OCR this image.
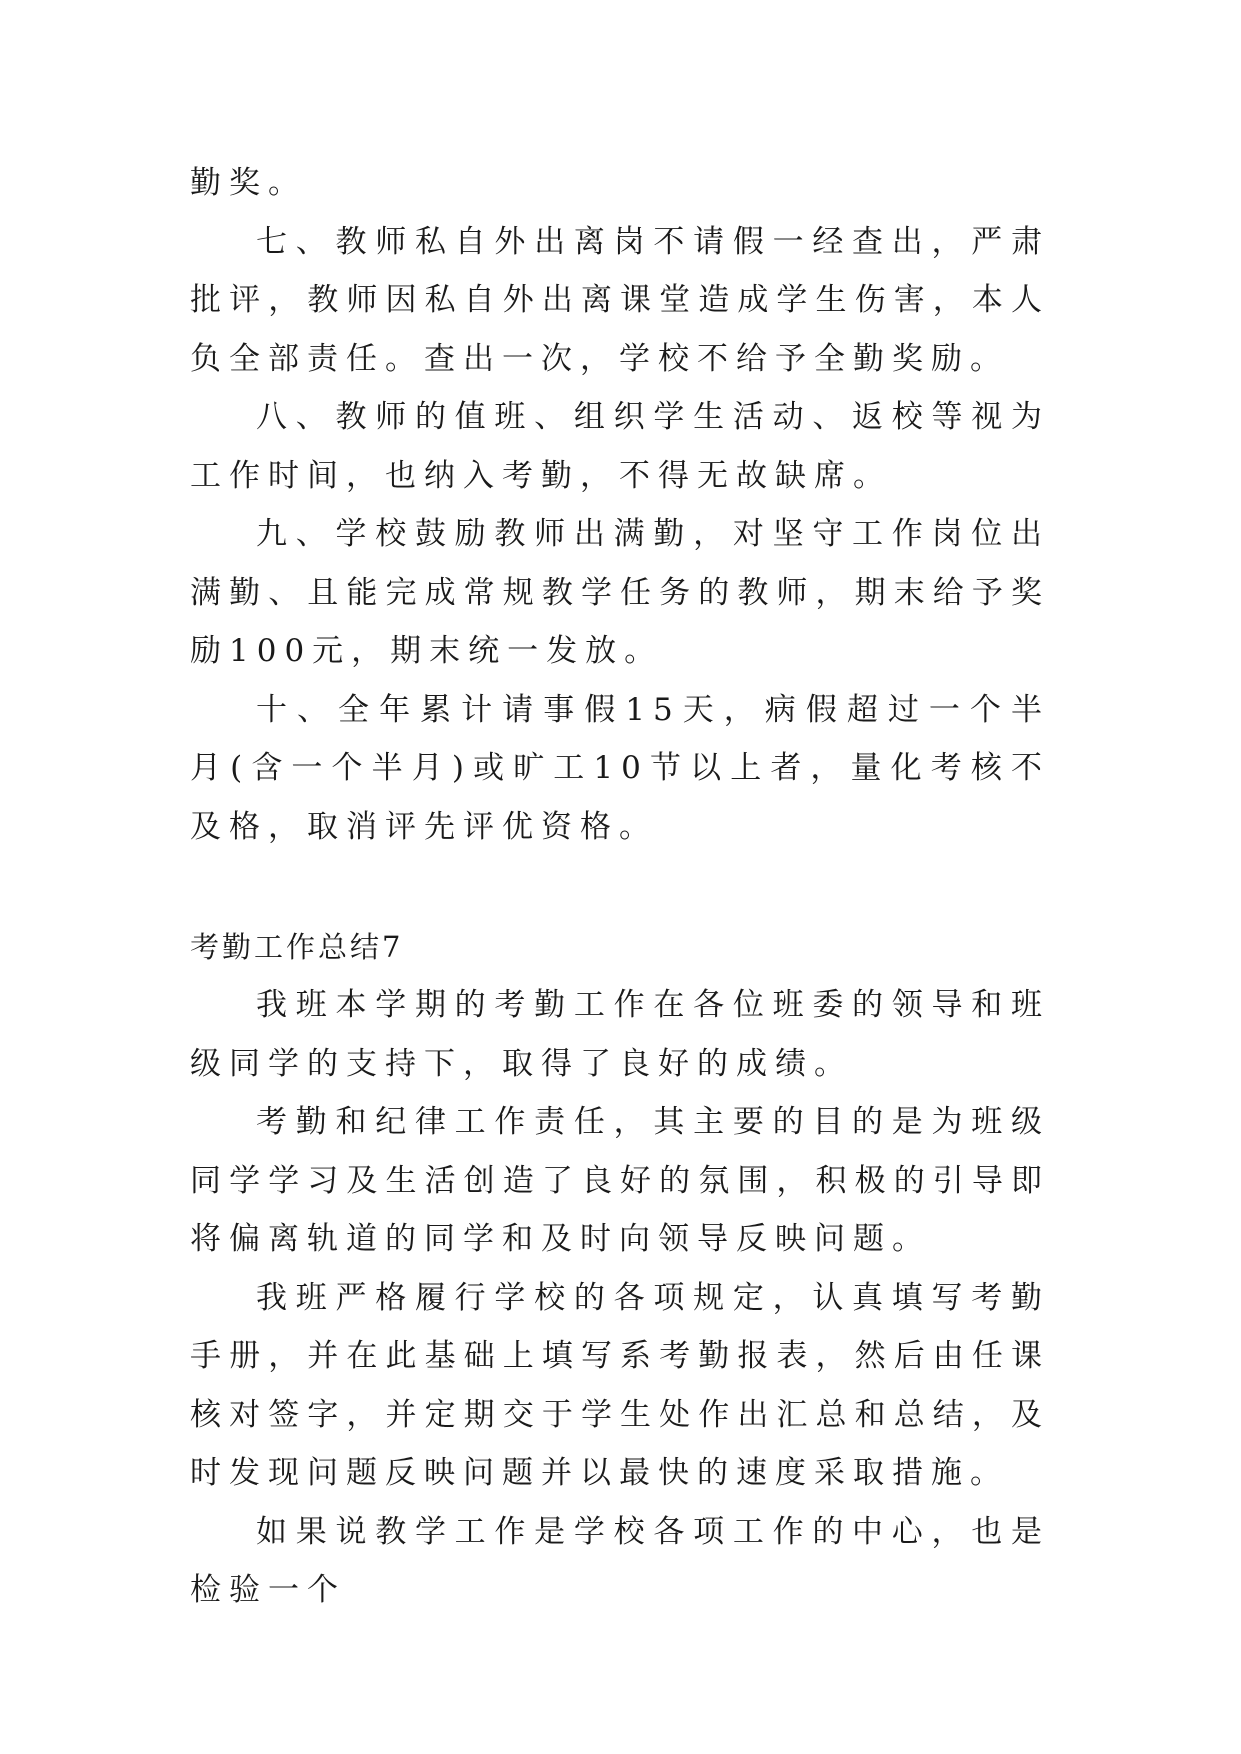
勤奖。

七、教师私自外出离岗不请假一经查出，严肃批评，教师因私自外出离课堂造成学生伤害，本人负全部责任。查出一次，学校不给予全勤奖励。

八、教师的值班、组织学生活动、返校等视为工作时间，也纳入考勤，不得无故缺席。

九、学校鼓励教师出满勤，对坚守工作岗位出满勤、且能完成常规教学任务的教师，期末给予奖励100元，期末统一发放。

十、全年累计请事假15天，病假超过一个半月(含一个半月)或旷工10节以上者，量化考核不及格，取消评先评优资格。

考勤工作总结7

我班本学期的考勤工作在各位班委的领导和班级同学的支持下，取得了良好的成绩。

考勤和纪律工作责任，其主要的目的是为班级同学学习及生活创造了良好的氛围，积极的引导即将偏离轨道的同学和及时向领导反映问题。

我班严格履行学校的各项规定，认真填写考勤手册，并在此基础上填写系考勤报表，然后由任课核对签字，并定期交于学生处作出汇总和总结，及时发现问题反映问题并以最快的速度采取措施。

如果说教学工作是学校各项工作的中心，也是检验一个
